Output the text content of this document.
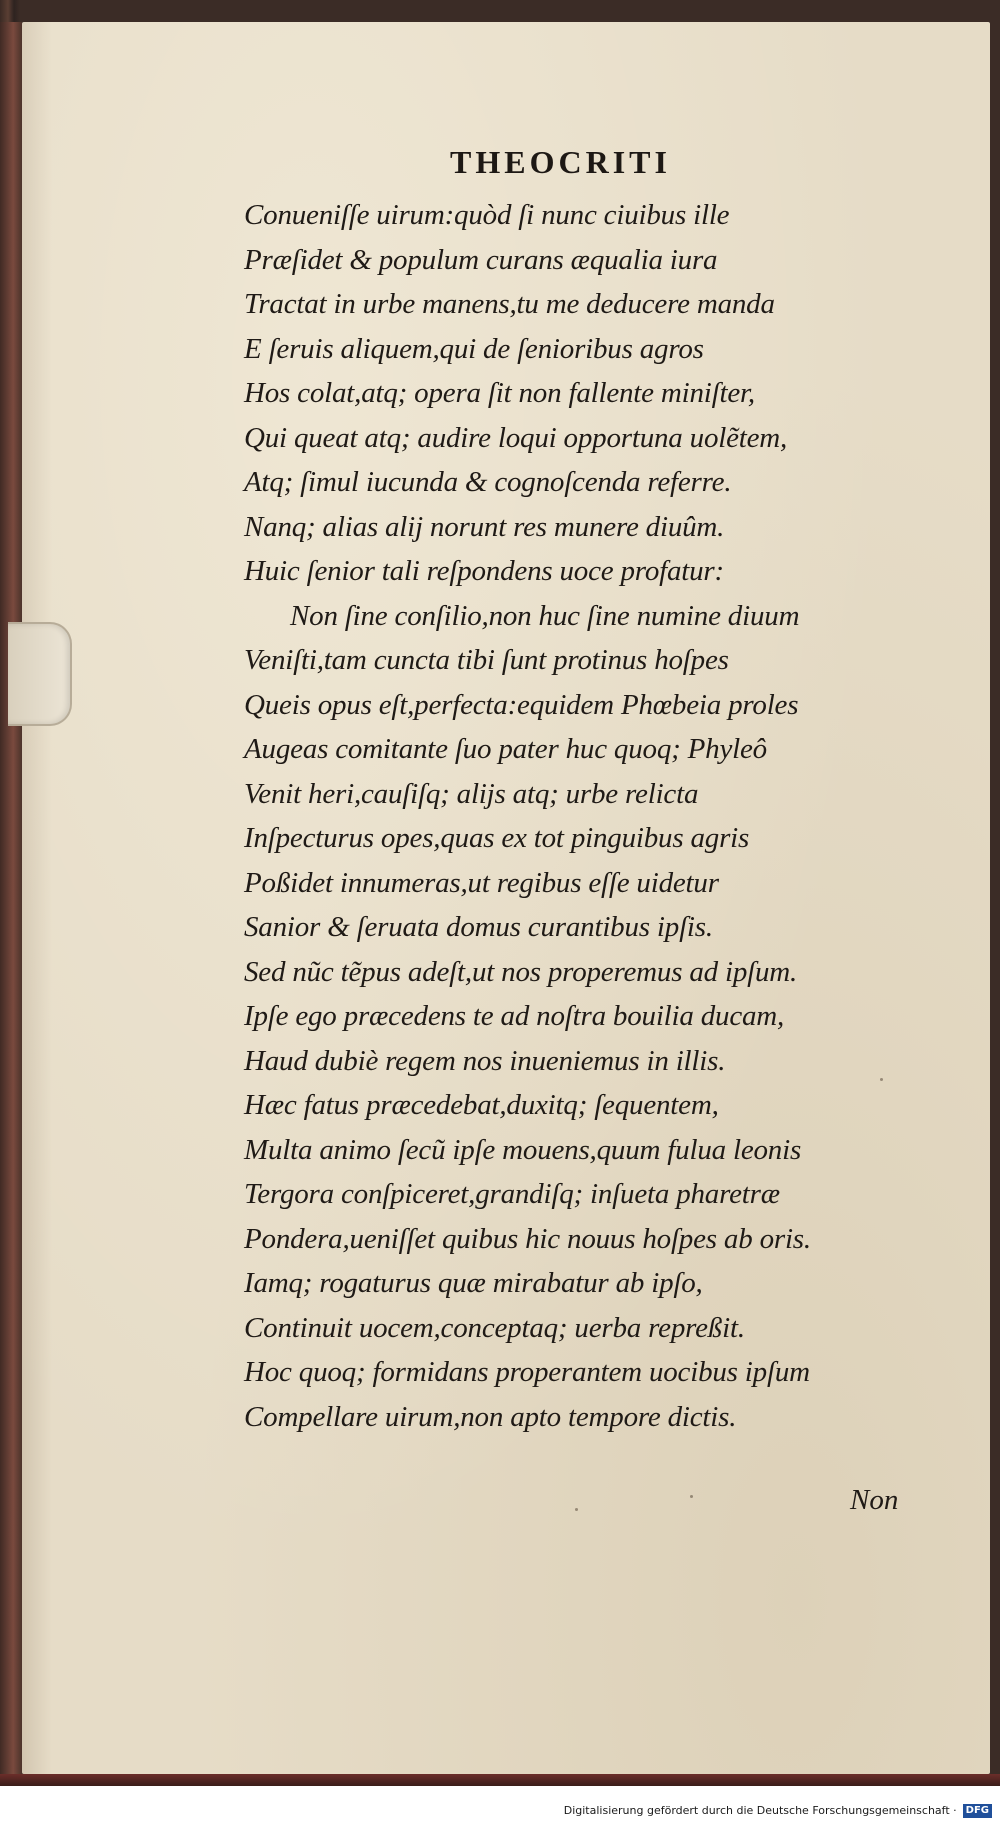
THEOCRITI
Conueniſſe uirum:quòd ſi nunc ciuibus ille
Præſidet & populum curans æqualia iura
Tractat in urbe manens,tu me deducere manda
E ſeruis aliquem,qui de ſenioribus agros
Hos colat,atq; opera ſit non fallente miniſter,
Qui queat atq; audire loqui opportuna uolẽtem,
Atq; ſimul iucunda & cognoſcenda referre.
Nanq; alias alij norunt res munere diuûm.
Huic ſenior tali reſpondens uoce profatur:
Non ſine conſilio,non huc ſine numine diuum
Veniſti,tam cuncta tibi ſunt protinus hoſpes
Queis opus eſt,perfecta:equidem Phœbeia proles
Augeas comitante ſuo pater huc quoq; Phyleô
Venit heri,cauſiſq; alijs atq; urbe relicta
Inſpecturus opes,quas ex tot pinguibus agris
Poßidet innumeras,ut regibus eſſe uidetur
Sanior & ſeruata domus curantibus ipſis.
Sed nũc tẽpus adeſt,ut nos properemus ad ipſum.
Ipſe ego præcedens te ad noſtra bouilia ducam,
Haud dubiè regem nos inueniemus in illis.
Hæc fatus præcedebat,duxitq; ſequentem,
Multa animo ſecũ ipſe mouens,quum fulua leonis
Tergora conſpiceret,grandiſq; inſueta pharetræ
Pondera,ueniſſet quibus hic nouus hoſpes ab oris.
Iamq; rogaturus quæ mirabatur ab ipſo,
Continuit uocem,conceptaq; uerba repreßit.
Hoc quoq; formidans properantem uocibus ipſum
Compellare uirum,non apto tempore dictis.
Non
Digitalisierung gefördert durch die Deutsche Forschungsgemeinschaft · DFG
